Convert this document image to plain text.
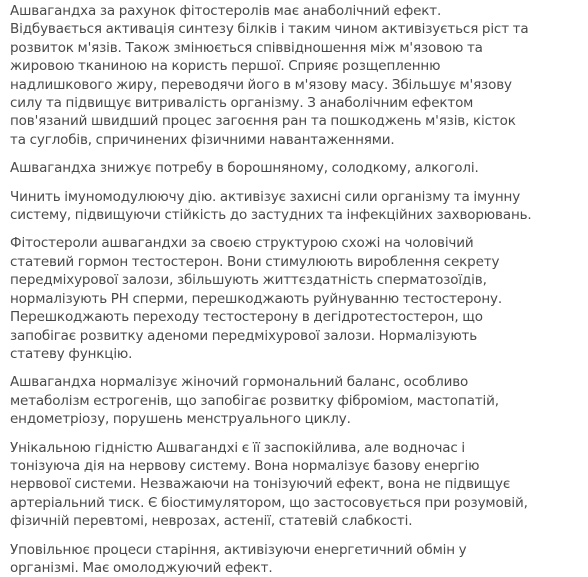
Ашвагандха за рахунок фітостеролів має анаболічний ефект.
Відбувається активація синтезу білків і таким чином активізується ріст та
розвиток м'язів. Також змінюється співвідношення між м'язовою та
жировою тканиною на користь першої. Сприяє розщепленню
надлишкового жиру, переводячи його в м'язову масу. Збільшує м'язову
силу та підвищує витривалість організму. З анаболічним ефектом
пов'язаний швидший процес загоєння ран та пошкоджень м'язів, кісток
та суглобів, спричинених фізичними навантаженнями.

Ашвагандха знижує потребу в борошняному, солодкому, алкоголі.

Чинить імуномодулюючу дію. активізує захисні сили організму та імунну
систему, підвищуючи стійкість до застудних та інфекційних захворювань.

Фітостероли ашвагандхи за своєю структурою схожі на чоловічий
статевий гормон тестостерон. Вони стимулюють вироблення секрету
передміхурової залози, збільшують життєздатність сперматозоїдів,
нормалізують РН сперми, перешкоджають руйнуванню тестостерону.
Перешкоджають переходу тестостерону в дегідротестостерон, що
запобігає розвитку аденоми передміхурової залози. Нормалізують
статеву функцію.

Ашвагандха нормалізує жіночий гормональний баланс, особливо
метаболізм естрогенів, що запобігає розвитку фіброміом, мастопатій,
ендометріозу, порушень менструального циклу.

Унікальною гідністю Ашвагандхі є її заспокійлива, але водночас і
тонізуюча дія на нервову систему. Вона нормалізує базову енергію
нервової системи. Незважаючи на тонізуючий ефект, вона не підвищує
артеріальний тиск. Є біостимулятором, що застосовується при розумовій,
фізичній перевтомі, неврозах, астенії, статевій слабкості.

Уповільнює процеси старіння, активізуючи енергетичний обмін у
організмі. Має омолоджуючий ефект.
